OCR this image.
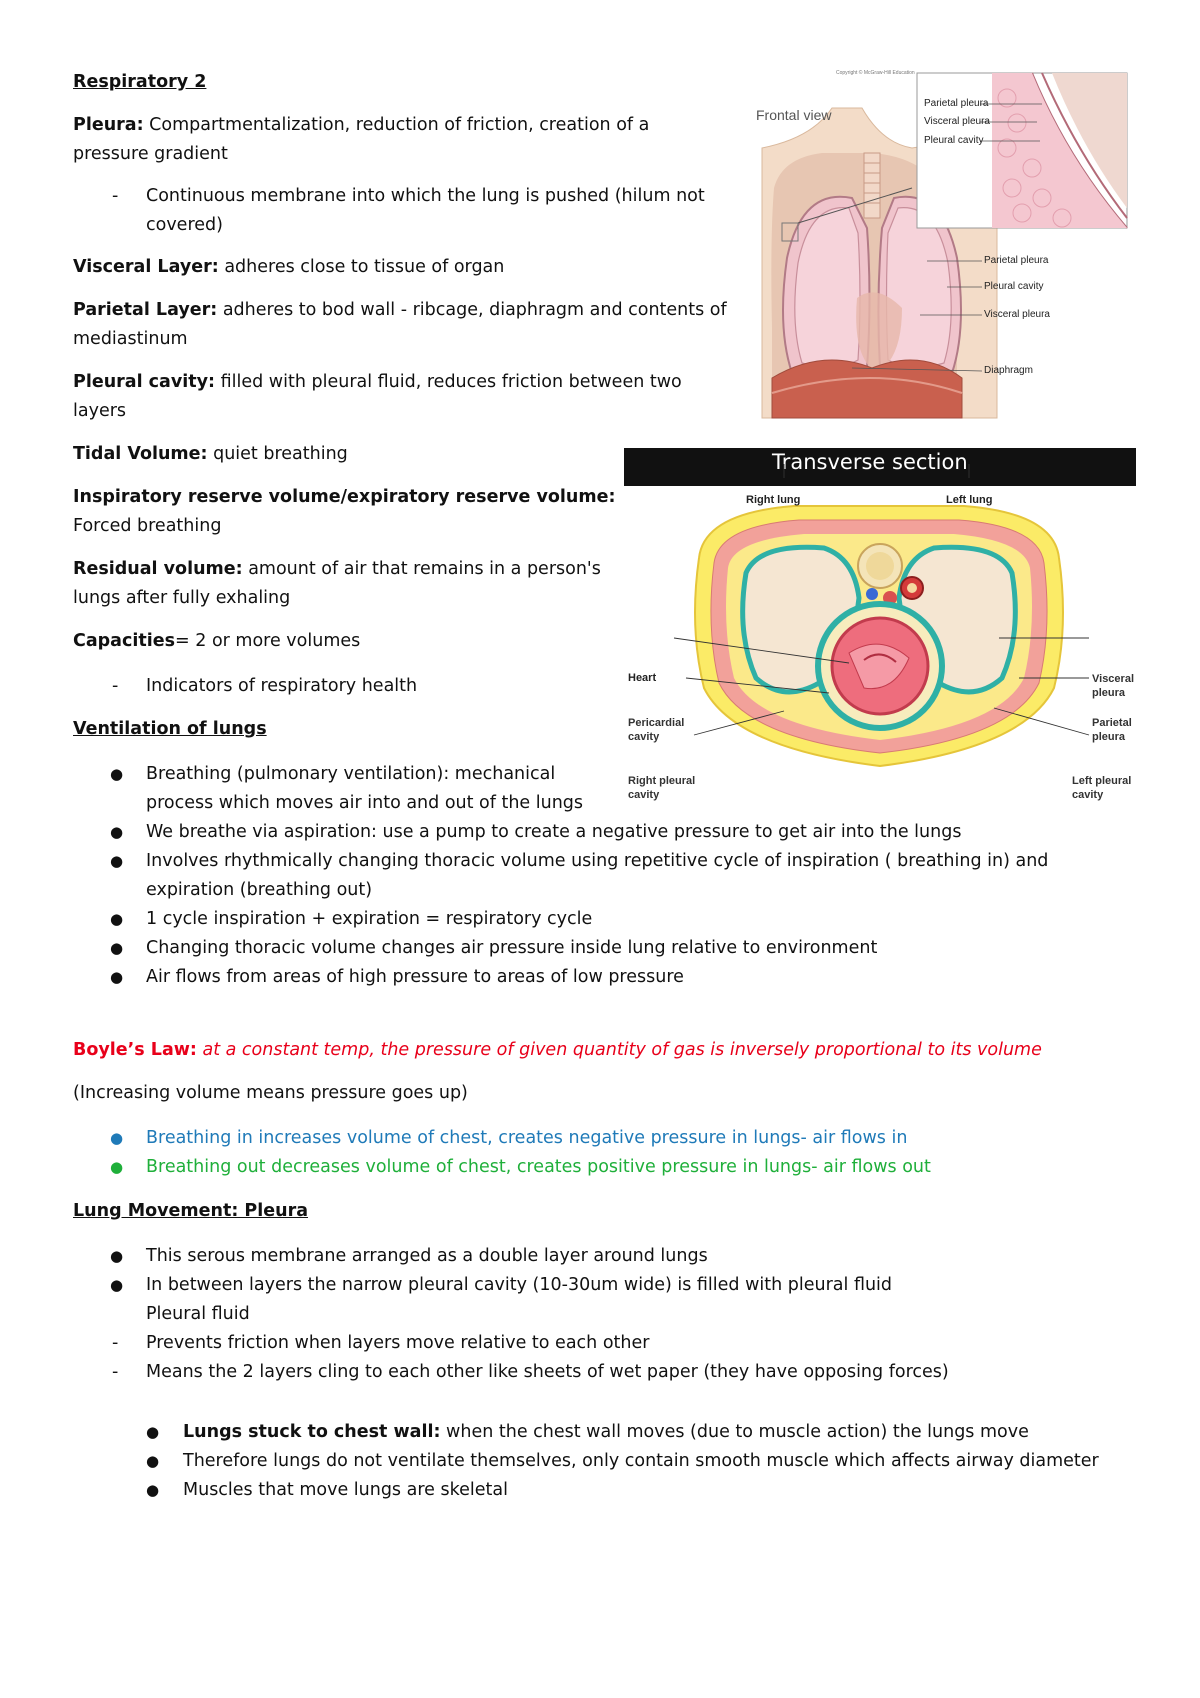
Respiratory 2

Pleura: Compartmentalization, reduction of friction, creation of a

pressure gradient

- Continuous membrane into which the lung is pushed (hilum not

covered)

Visceral Layer: adheres close to tissue of organ

Parietal Layer: adheres to bod wall - ribcage, diaphragm and contents of

mediastinum

Pleural cavity: filled with pleural fluid, reduces friction between two

layers

Tidal Volume: quiet breathing

Inspiratory reserve volume/expiratory reserve volume:

Forced breathing

Residual volume: amount of air that remains in a person's

lungs after fully exhaling

Capacities= 2 or more volumes

- Indicators of respiratory health

Ventilation of lungs

● Breathing (pulmonary ventilation): mechanical

process which moves air into and out of the lungs

● We breathe via aspiration: use a pump to create a negative pressure to get air into the lungs

● Involves rhythmically changing thoracic volume using repetitive cycle of inspiration ( breathing in) and

expiration (breathing out)

● 1 cycle inspiration + expiration = respiratory cycle

● Changing thoracic volume changes air pressure inside lung relative to environment

● Air flows from areas of high pressure to areas of low pressure

Boyle’s Law: at a constant temp, the pressure of given quantity of gas is inversely proportional to its volume

(Increasing volume means pressure goes up)

● Breathing in increases volume of chest, creates negative pressure in lungs- air flows in

● Breathing out decreases volume of chest, creates positive pressure in lungs- air flows out

Lung Movement: Pleura

● This serous membrane arranged as a double layer around lungs

● In between layers the narrow pleural cavity (10-30um wide) is filled with pleural fluid

Pleural fluid

- Prevents friction when layers move relative to each other

- Means the 2 layers cling to each other like sheets of wet paper (they have opposing forces)

● Lungs stuck to chest wall: when the chest wall moves (due to muscle action) the lungs move

● Therefore lungs do not ventilate themselves, only contain smooth muscle which affects airway diameter

● Muscles that move lungs are skeletal

Copyright © McGraw-Hill Education
Frontal view
Parietal pleura
Visceral pleura
Pleural cavity
Parietal pleura
Pleural cavity
Visceral pleura
Diaphragm
Transverse section
Right lung	Left lung
Heart
Pericardial
cavity
Right pleural
cavity
Visceral
pleura
Parietal
pleura
Left pleural
cavity
